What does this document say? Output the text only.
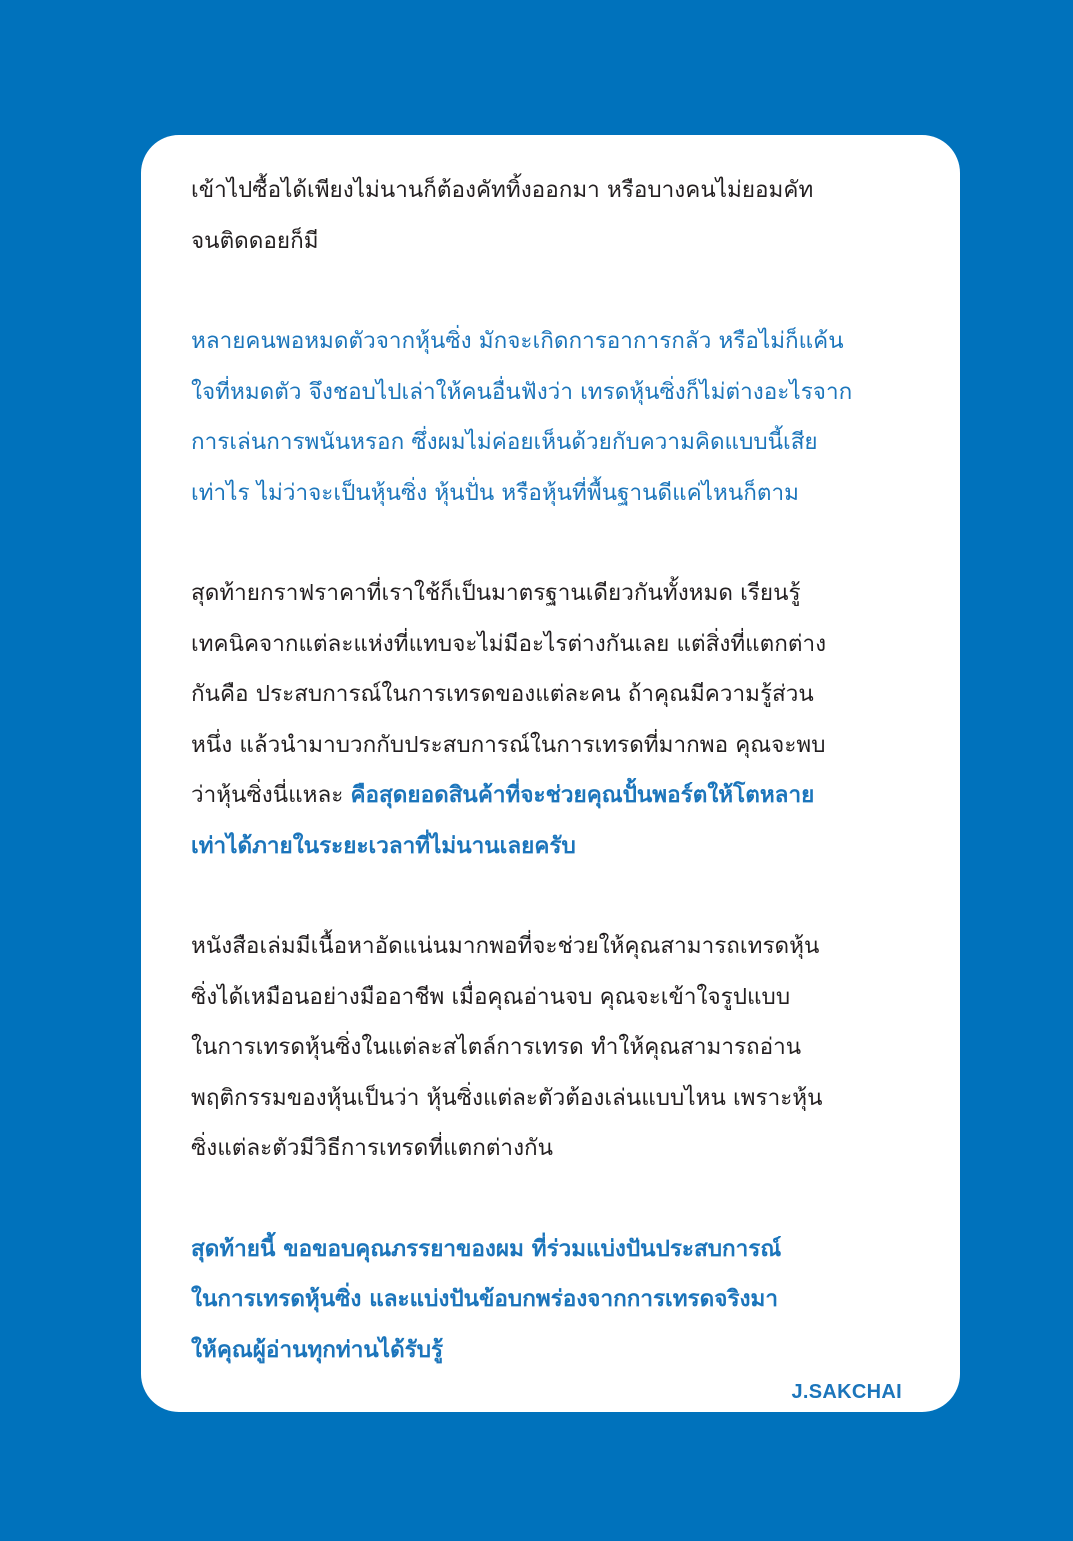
เข้าไปซื้อได้เพียงไม่นานก็ต้องคัททิ้งออกมา หรือบางคนไม่ยอมคัท
จนติดดอยก็มี

หลายคนพอหมดตัวจากหุ้นซิ่ง มักจะเกิดการอาการกลัว หรือไม่ก็แค้น
ใจที่หมดตัว จึงชอบไปเล่าให้คนอื่นฟังว่า เทรดหุ้นซิ่งก็ไม่ต่างอะไรจาก
การเล่นการพนันหรอก ซึ่งผมไม่ค่อยเห็นด้วยกับความคิดแบบนี้เสีย
เท่าไร ไม่ว่าจะเป็นหุ้นซิ่ง หุ้นปั่น หรือหุ้นที่พื้นฐานดีแค่ไหนก็ตาม

สุดท้ายกราฟราคาที่เราใช้ก็เป็นมาตรฐานเดียวกันทั้งหมด เรียนรู้
เทคนิคจากแต่ละแห่งที่แทบจะไม่มีอะไรต่างกันเลย แต่สิ่งที่แตกต่าง
กันคือ ประสบการณ์ในการเทรดของแต่ละคน ถ้าคุณมีความรู้ส่วน
หนึ่ง แล้วนำมาบวกกับประสบการณ์ในการเทรดที่มากพอ คุณจะพบ
ว่าหุ้นซิ่งนี่แหละ คือสุดยอดสินค้าที่จะช่วยคุณปั้นพอร์ตให้โตหลาย
เท่าได้ภายในระยะเวลาที่ไม่นานเลยครับ

หนังสือเล่มมีเนื้อหาอัดแน่นมากพอที่จะช่วยให้คุณสามารถเทรดหุ้น
ซิ่งได้เหมือนอย่างมืออาชีพ เมื่อคุณอ่านจบ คุณจะเข้าใจรูปแบบ
ในการเทรดหุ้นซิ่งในแต่ละสไตล์การเทรด ทำให้คุณสามารถอ่าน
พฤติกรรมของหุ้นเป็นว่า หุ้นซิ่งแต่ละตัวต้องเล่นแบบไหน เพราะหุ้น
ซิ่งแต่ละตัวมีวิธีการเทรดที่แตกต่างกัน

สุดท้ายนี้ ขอขอบคุณภรรยาของผม ที่ร่วมแบ่งปันประสบการณ์
ในการเทรดหุ้นซิ่ง และแบ่งปันข้อบกพร่องจากการเทรดจริงมา
ให้คุณผู้อ่านทุกท่านได้รับรู้

J.SAKCHAI
